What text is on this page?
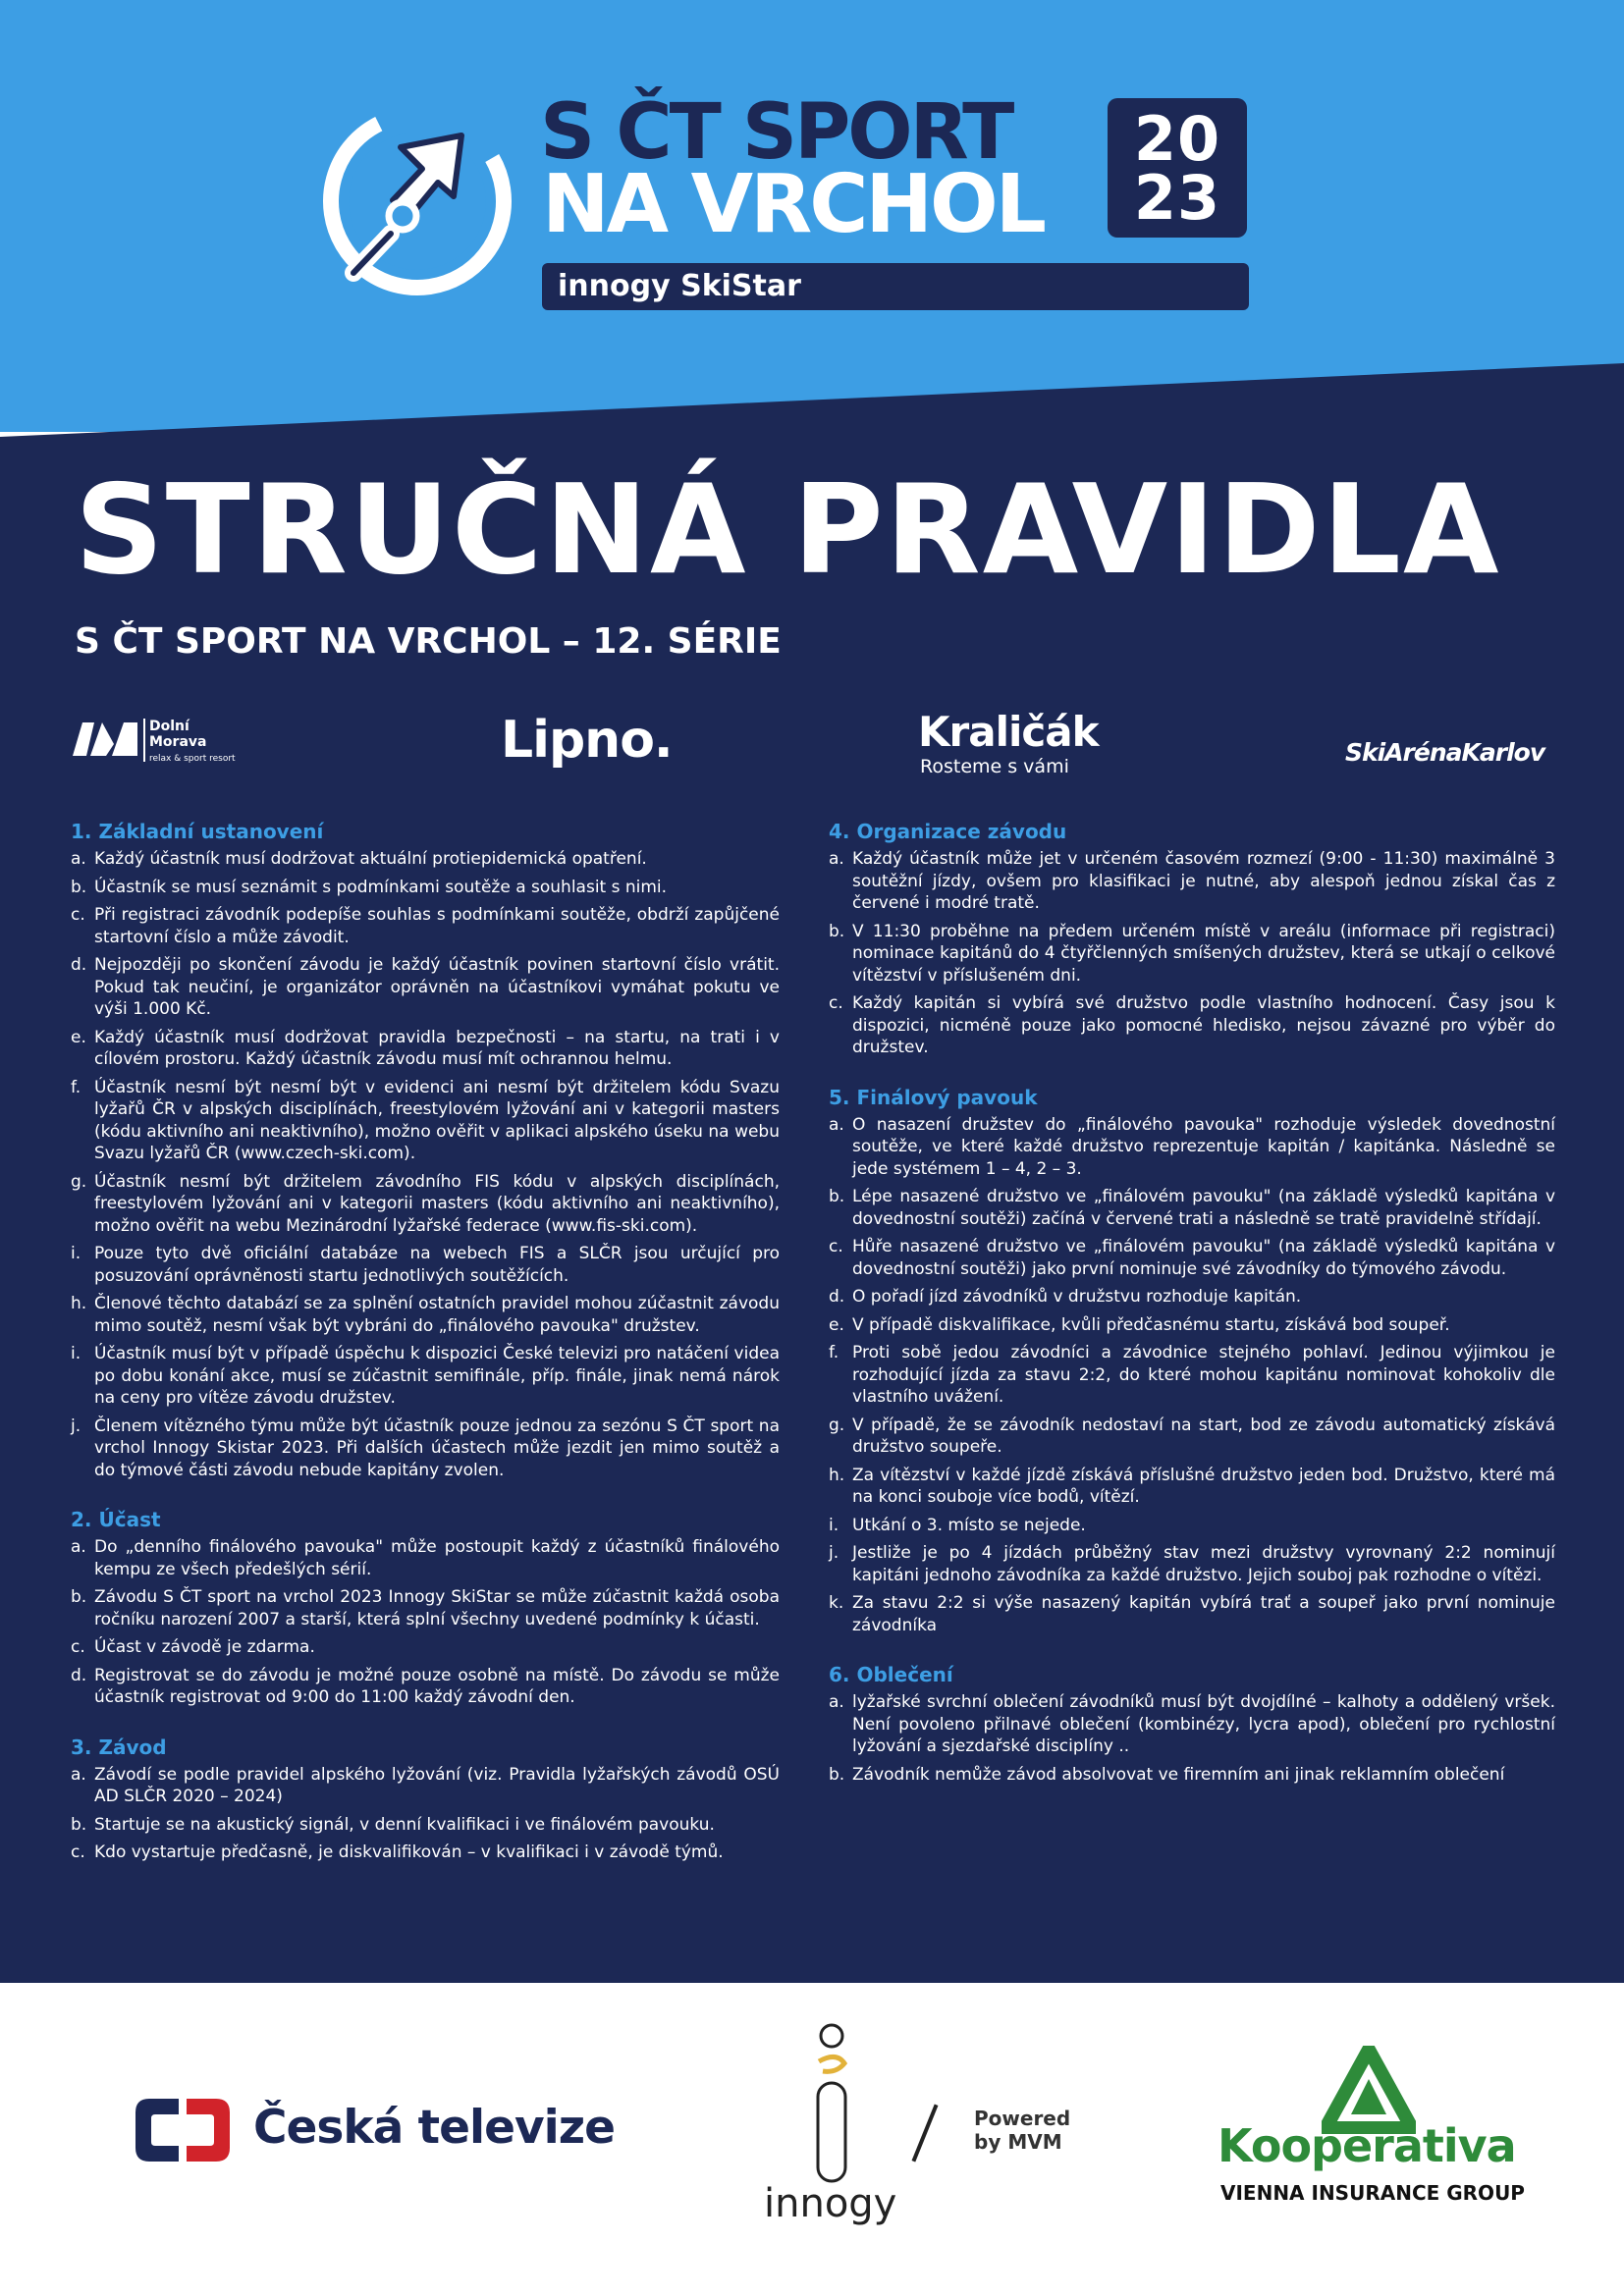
S ČT SPORT
NA VRCHOL
20
23
innogy SkiStar
STRUČNÁ PRAVIDLA
S ČT SPORT NA VRCHOL – 12. SÉRIE
Dolní Morava
relax & sport resort	Lipno.	Kraličák
Rosteme s vámi	SkiArénaKarlov
1. Základní ustanovení
a. Každý účastník musí dodržovat aktuální protiepidemická opatření.
b. Účastník se musí seznámit s podmínkami soutěže a souhlasit s nimi.
c. Při registraci závodník podepíše souhlas s podmínkami soutěže, obdrží zapůjčené startovní číslo a může závodit.
d. Nejpozději po skončení závodu je každý účastník povinen startovní číslo vrátit. Pokud tak neučiní, je organizátor oprávněn na účastníkovi vymáhat pokutu ve výši 1.000 Kč.
e. Každý účastník musí dodržovat pravidla bezpečnosti – na startu, na trati i v cílovém prostoru. Každý účastník závodu musí mít ochrannou helmu.
f. Účastník nesmí být nesmí být v evidenci ani nesmí být držitelem kódu Svazu lyžařů ČR v alpských disciplínách, freestylovém lyžování ani v kategorii masters (kódu aktivního ani neaktivního), možno ověřit v aplikaci alpského úseku na webu Svazu lyžařů ČR (www.czech-ski.com).
g. Účastník nesmí být držitelem závodního FIS kódu v alpských disciplínách, freestylovém lyžování ani v kategorii masters (kódu aktivního ani neaktivního), možno ověřit na webu Mezinárodní lyžařské federace (www.fis-ski.com).
i. Pouze tyto dvě oficiální databáze na webech FIS a SLČR jsou určující pro posuzování oprávněnosti startu jednotlivých soutěžících.
h. Členové těchto databází se za splnění ostatních pravidel mohou zúčastnit závodu mimo soutěž, nesmí však být vybráni do „finálového pavouka" družstev.
i. Účastník musí být v případě úspěchu k dispozici České televizi pro natáčení videa po dobu konání akce, musí se zúčastnit semifinále, příp. finále, jinak nemá nárok na ceny pro vítěze závodu družstev.
j. Členem vítězného týmu může být účastník pouze jednou za sezónu S ČT sport na vrchol Innogy Skistar 2023. Při dalších účastech může jezdit jen mimo soutěž a do týmové části závodu nebude kapitány zvolen.
2. Účast
a. Do „denního finálového pavouka" může postoupit každý z účastníků finálového kempu ze všech předešlých sérií.
b. Závodu S ČT sport na vrchol 2023 Innogy SkiStar se může zúčastnit každá osoba ročníku narození 2007 a starší, která splní všechny uvedené podmínky k účasti.
c. Účast v závodě je zdarma.
d. Registrovat se do závodu je možné pouze osobně na místě. Do závodu se může účastník registrovat od 9:00 do 11:00 každý závodní den.
3. Závod
a. Závodí se podle pravidel alpského lyžování (viz. Pravidla lyžařských závodů OSÚ AD SLČR 2020 – 2024)
b. Startuje se na akustický signál, v denní kvalifikaci i ve finálovém pavouku.
c. Kdo vystartuje předčasně, je diskvalifikován – v kvalifikaci i v závodě týmů.
4. Organizace závodu
a. Každý účastník může jet v určeném časovém rozmezí (9:00 - 11:30) maximálně 3 soutěžní jízdy, ovšem pro klasifikaci je nutné, aby alespoň jednou získal čas z červené i modré tratě.
b. V 11:30 proběhne na předem určeném místě v areálu (informace při registraci) nominace kapitánů do 4 čtyřčlenných smíšených družstev, která se utkají o celkové vítězství v příslušeném dni.
c. Každý kapitán si vybírá své družstvo podle vlastního hodnocení. Časy jsou k dispozici, nicméně pouze jako pomocné hledisko, nejsou závazné pro výběr do družstev.
5. Finálový pavouk
a. O nasazení družstev do „finálového pavouka" rozhoduje výsledek dovednostní soutěže, ve které každé družstvo reprezentuje kapitán / kapitánka. Následně se jede systémem 1 – 4, 2 – 3.
b. Lépe nasazené družstvo ve „finálovém pavouku" (na základě výsledků kapitána v dovednostní soutěži) začíná v červené trati a následně se tratě pravidelně střídají.
c. Hůře nasazené družstvo ve „finálovém pavouku" (na základě výsledků kapitána v dovednostní soutěži) jako první nominuje své závodníky do týmového závodu.
d. O pořadí jízd závodníků v družstvu rozhoduje kapitán.
e. V případě diskvalifikace, kvůli předčasnému startu, získává bod soupeř.
f. Proti sobě jedou závodníci a závodnice stejného pohlaví. Jedinou výjimkou je rozhodující jízda za stavu 2:2, do které mohou kapitánu nominovat kohokoliv dle vlastního uvážení.
g. V případě, že se závodník nedostaví na start, bod ze závodu automatický získává družstvo soupeře.
h. Za vítězství v každé jízdě získává příslušné družstvo jeden bod. Družstvo, které má na konci souboje více bodů, vítězí.
i. Utkání o 3. místo se nejede.
j. Jestliže je po 4 jízdách průběžný stav mezi družstvy vyrovnaný 2:2 nominují kapitáni jednoho závodníka za každé družstvo. Jejich souboj pak rozhodne o vítězi.
k. Za stavu 2:2 si výše nasazený kapitán vybírá trať a soupeř jako první nominuje závodníka
6. Oblečení
a. lyžařské svrchní oblečení závodníků musí být dvojdílné – kalhoty a oddělený vršek. Není povoleno přilnavé oblečení (kombinézy, lycra apod), oblečení pro rychlostní lyžování a sjezdařské disciplíny ..
b. Závodník nemůže závod absolvovat ve firemním ani jinak reklamním oblečení
Česká televize
innogy
Powered
by MVM	Kooperativa
VIENNA INSURANCE GROUP
